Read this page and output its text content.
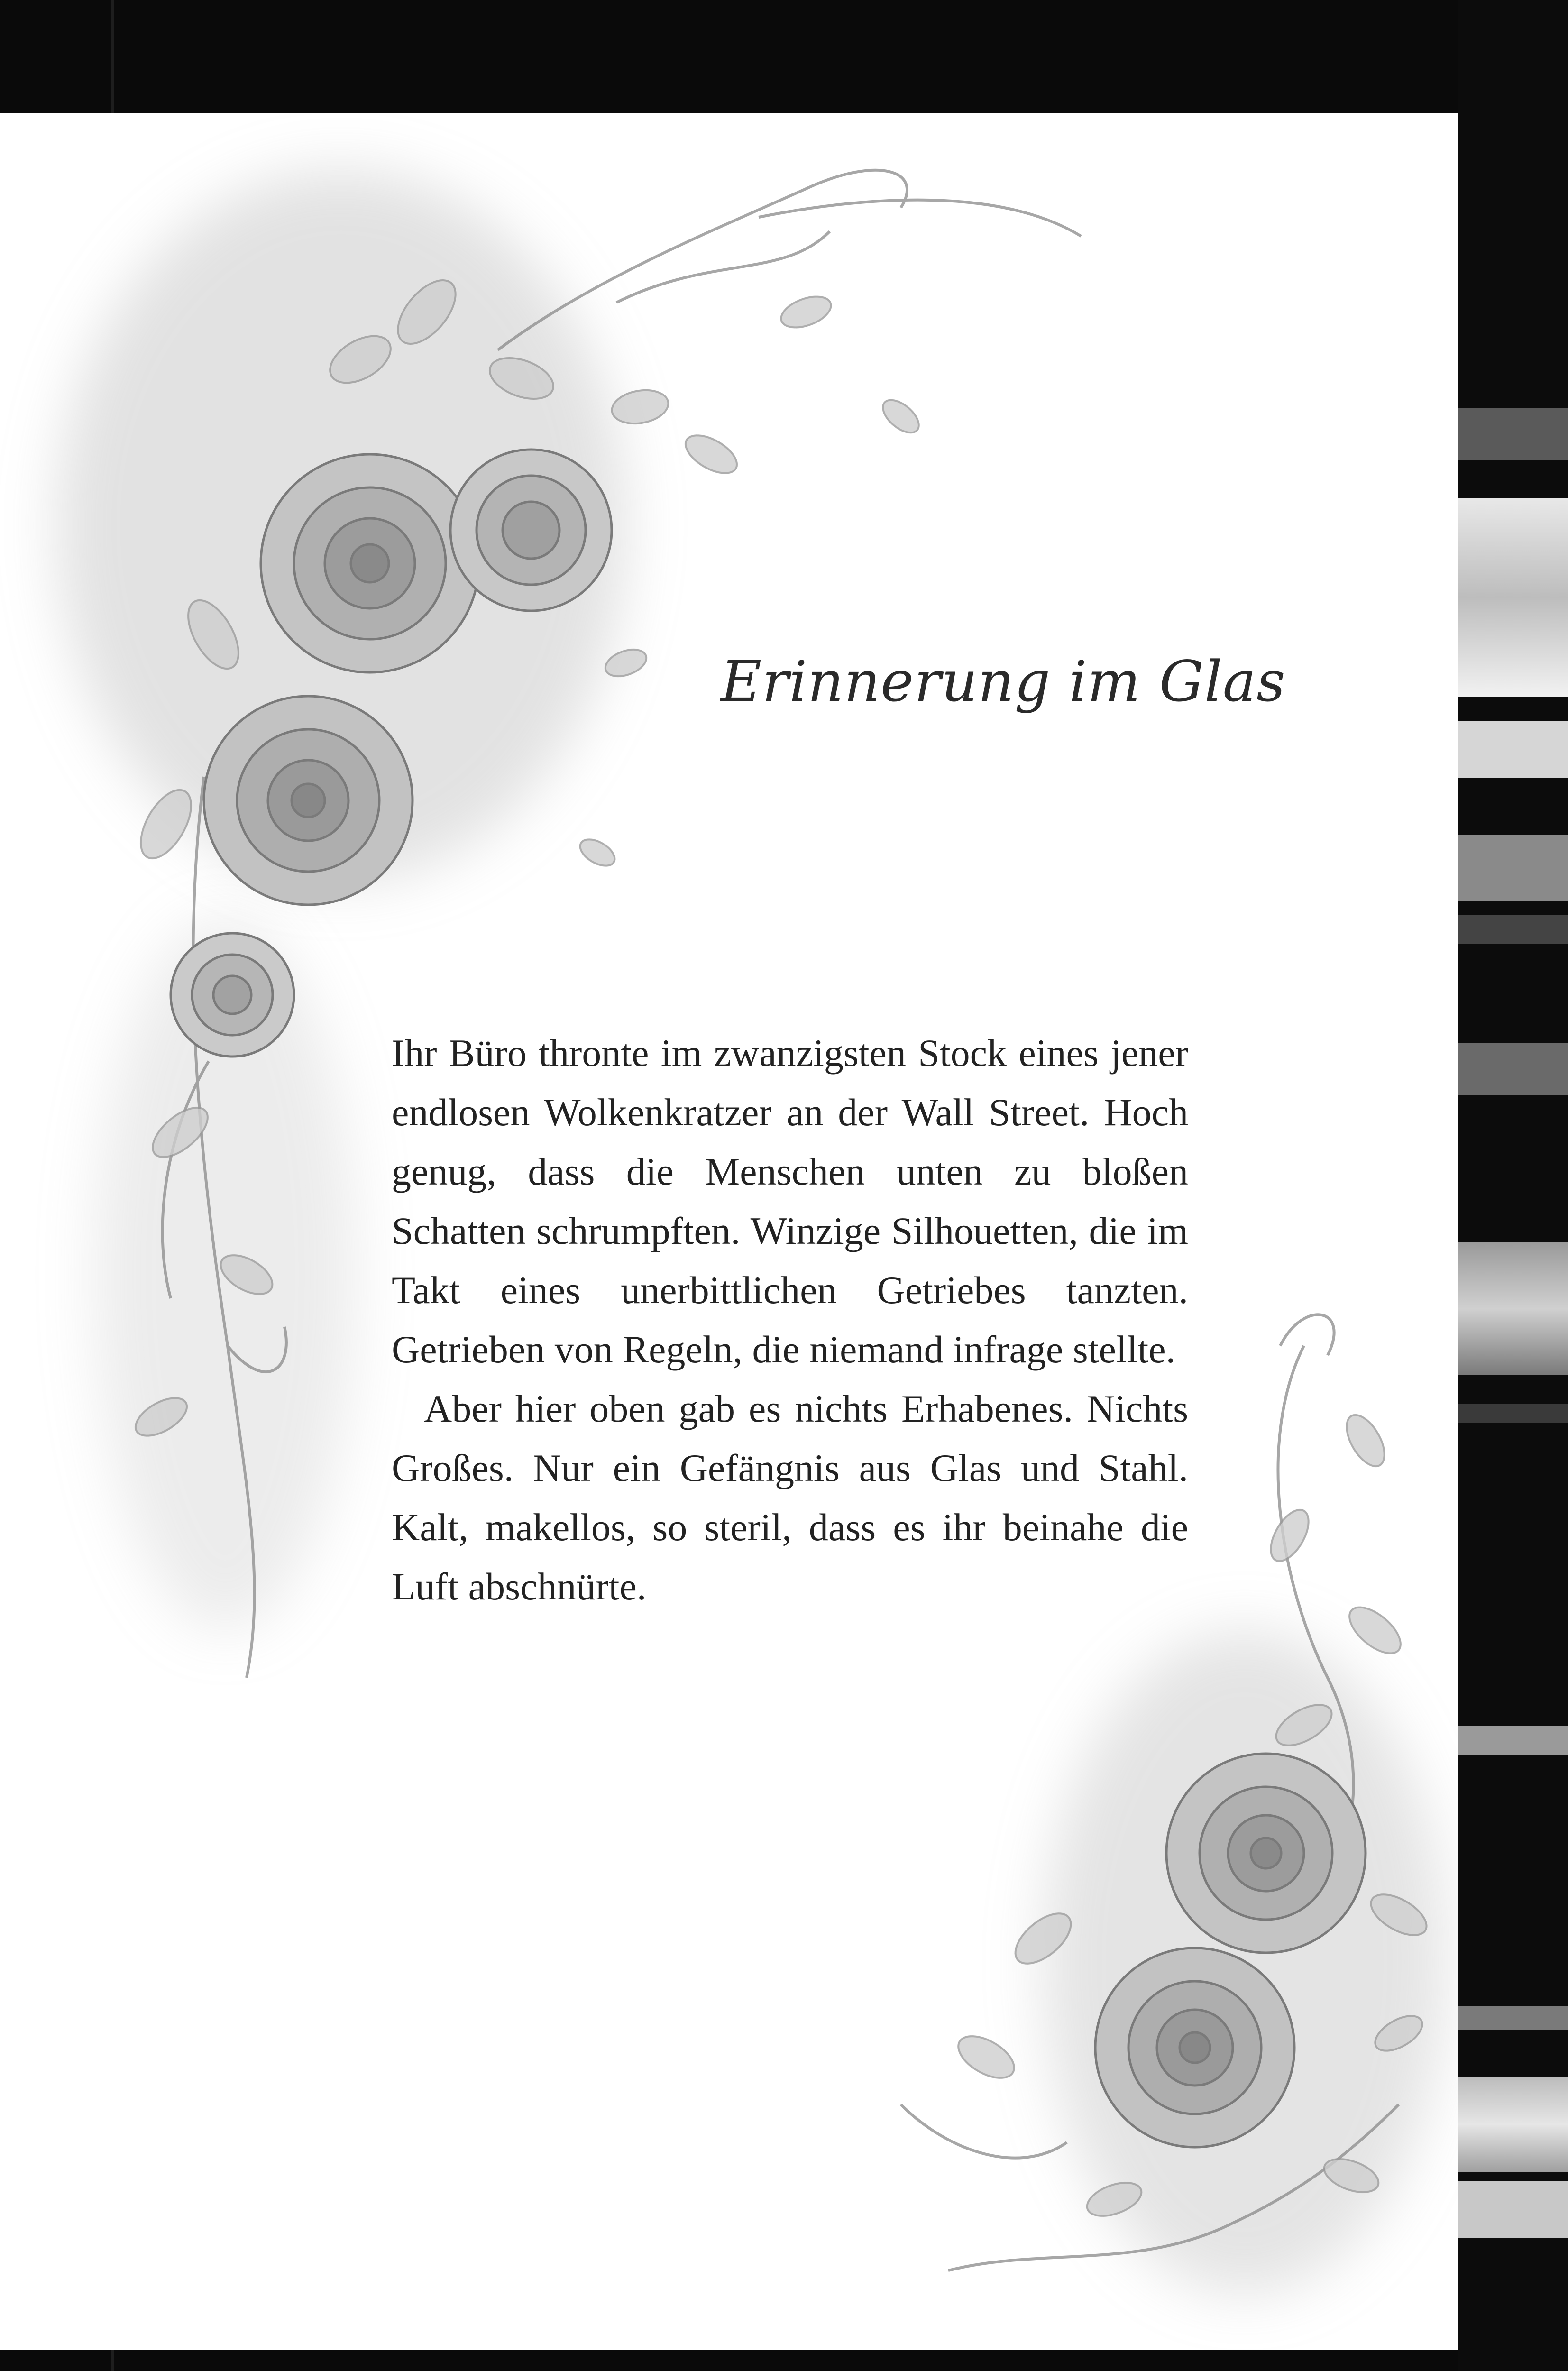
Erinnerung im Glas

Ihr Büro thronte im zwanzigsten Stock eines jener endlosen Wolkenkratzer an der Wall Street. Hoch genug, dass die Menschen unten zu bloßen Schatten schrumpften. Winzige Silhouetten, die im Takt eines unerbittlichen Getriebes tanzten. Getrieben von Regeln, die niemand infrage stellte.

Aber hier oben gab es nichts Erhabenes. Nichts Großes. Nur ein Gefängnis aus Glas und Stahl. Kalt, makellos, so steril, dass es ihr beinahe die Luft abschnürte.
